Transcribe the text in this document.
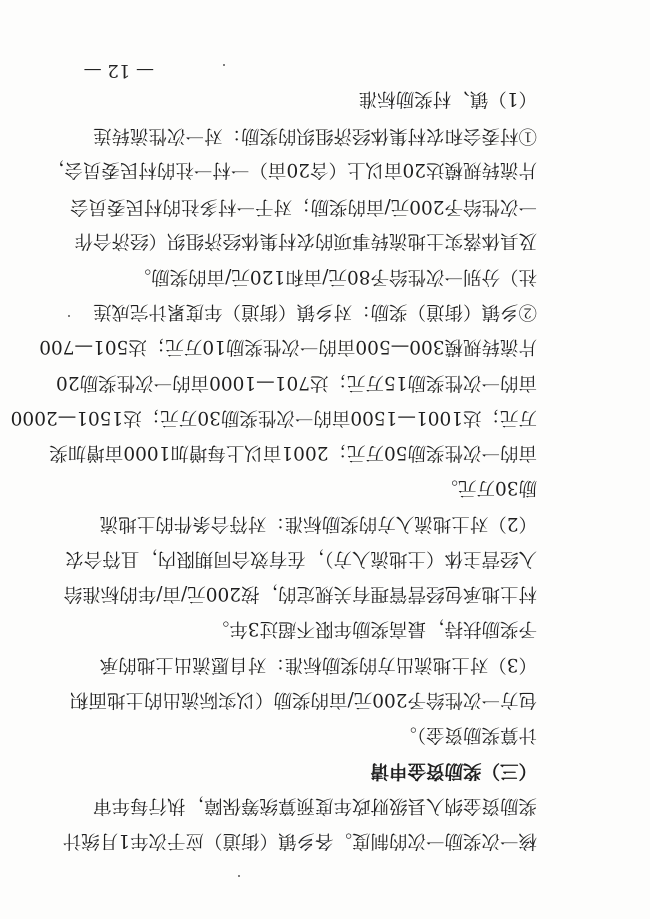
（1）镇、村奖励标准
①村委会和农村集体经济组织的奖励：对一次性流转连
片流转规模达20亩以上（含20亩）一村一社的村民委员会，
一次性给予200元/亩的奖励；对于一村多社的村民委员会
及具体落实土地流转事项的农村集体经济组织（经济合作
社）分别一次性给予80元/亩和120元/亩的奖励。
②乡镇（街道）奖励：对乡镇（街道）年度累计完成连
片流转规模300—500亩的一次性奖励10万元；达501—700
亩的一次性奖励15万元；达701—1000亩的一次性奖励20
万元；达1001—1500亩的一次性奖励30万元；达1501—2000
亩的一次性奖励50万元；2001亩以上每增加1000亩增加奖
励30万元。
（2）对土地流入方的奖励标准：对符合条件的土地流
入经营主体（土地流入方），在有效合同期限内，且符合农
村土地承包经营管理有关规定的，按200元/亩/年的标准给
予奖励扶持，最高奖励年限不超过3年。
（3）对土地流出方的奖励标准：对自愿流出土地的承
包方一次性给予200元/亩的奖励（以实际流出的土地面积
计算奖励资金）。
（三）奖励资金申请
奖励资金纳入县级财政年度预算统筹保障，执行每年审
核一次奖励一次的制度。各乡镇（街道）应于次年1月统计
— 12 —
